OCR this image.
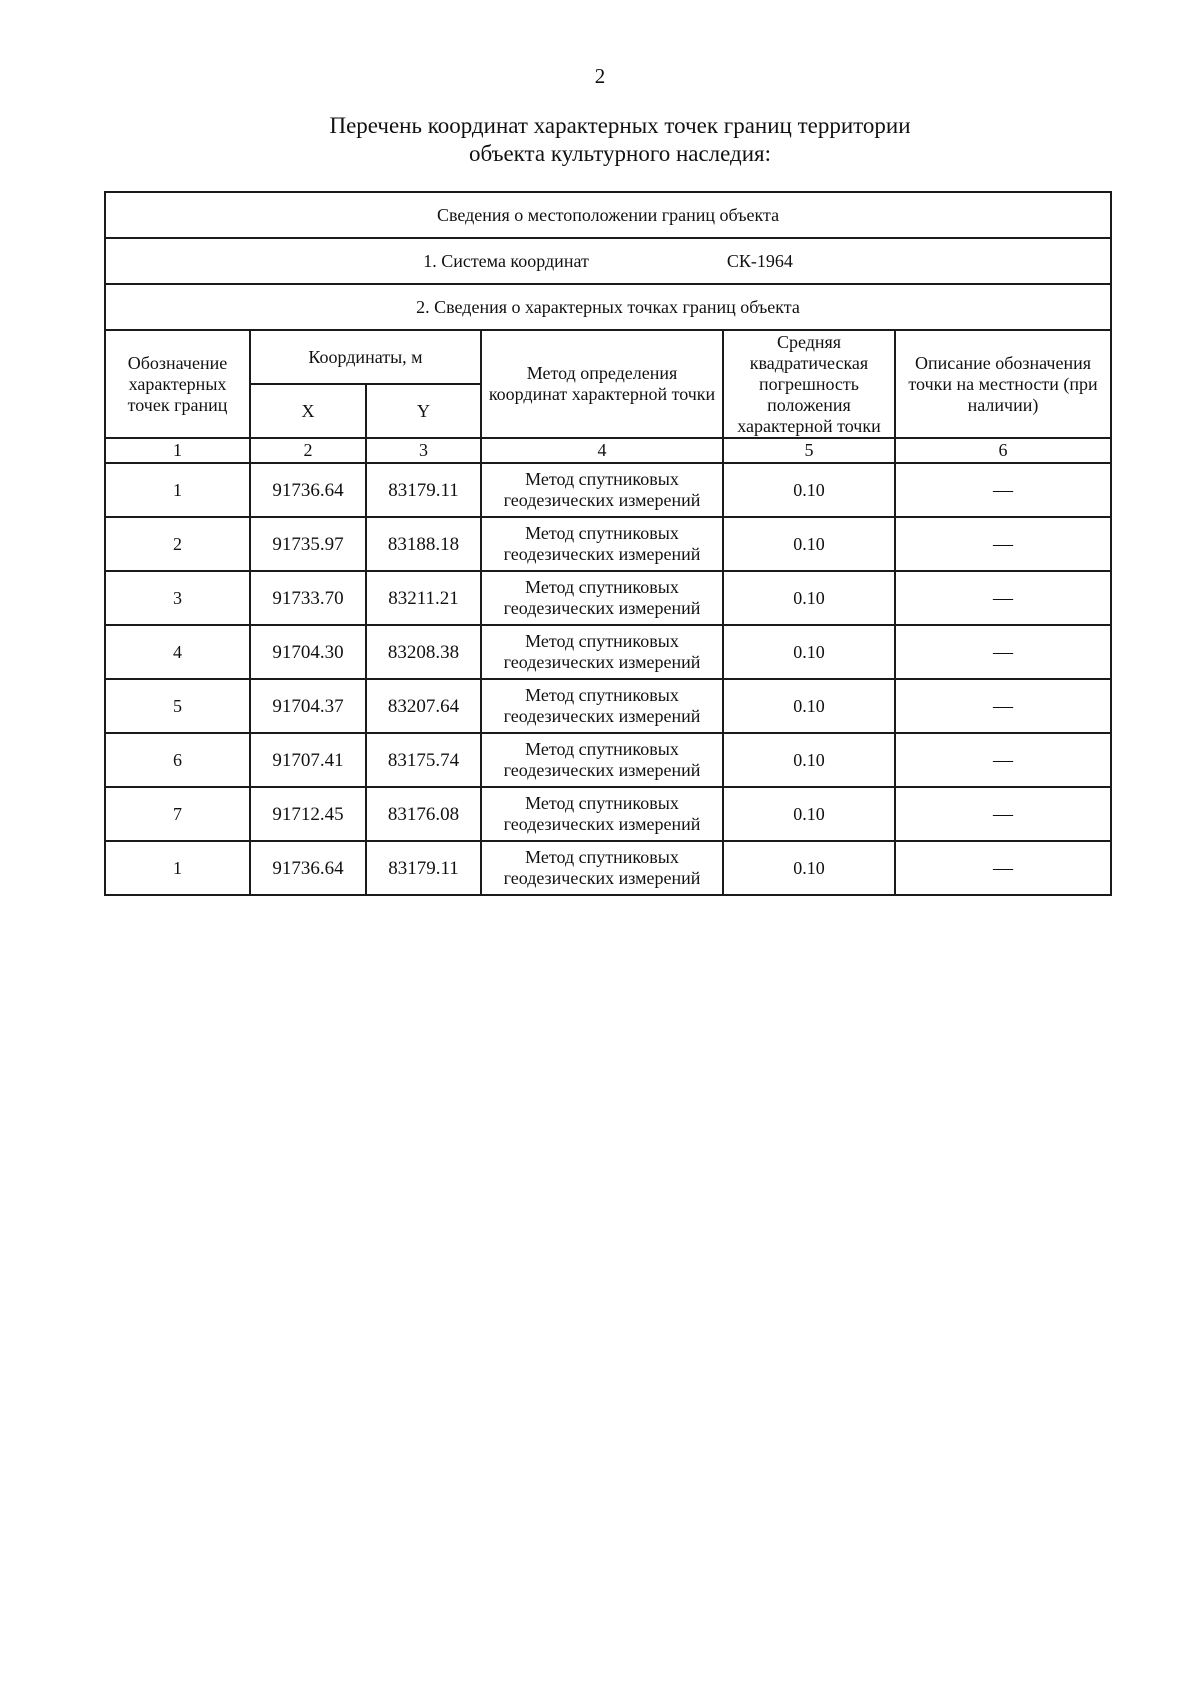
2
Перечень координат характерных точек границ территории
объекта культурного наследия:
Сведения о местоположении границ объекта					
1. Система координат СК-1964					
2. Сведения о характерных точках границ объекта					
Обозначение характерных точек границ	Координаты, м		Метод определения координат характерной точки	Средняя квадратическая погрешность положения характерной точки	Описание обозначения точки на местности (при наличии)
	X	Y			
1	2	3	4	5	6
1	91736.64	83179.11	Метод спутниковых геодезических измерений	0.10	—
2	91735.97	83188.18	Метод спутниковых геодезических измерений	0.10	—
3	91733.70	83211.21	Метод спутниковых геодезических измерений	0.10	—
4	91704.30	83208.38	Метод спутниковых геодезических измерений	0.10	—
5	91704.37	83207.64	Метод спутниковых геодезических измерений	0.10	—
6	91707.41	83175.74	Метод спутниковых геодезических измерений	0.10	—
7	91712.45	83176.08	Метод спутниковых геодезических измерений	0.10	—
1	91736.64	83179.11	Метод спутниковых геодезических измерений	0.10	—
